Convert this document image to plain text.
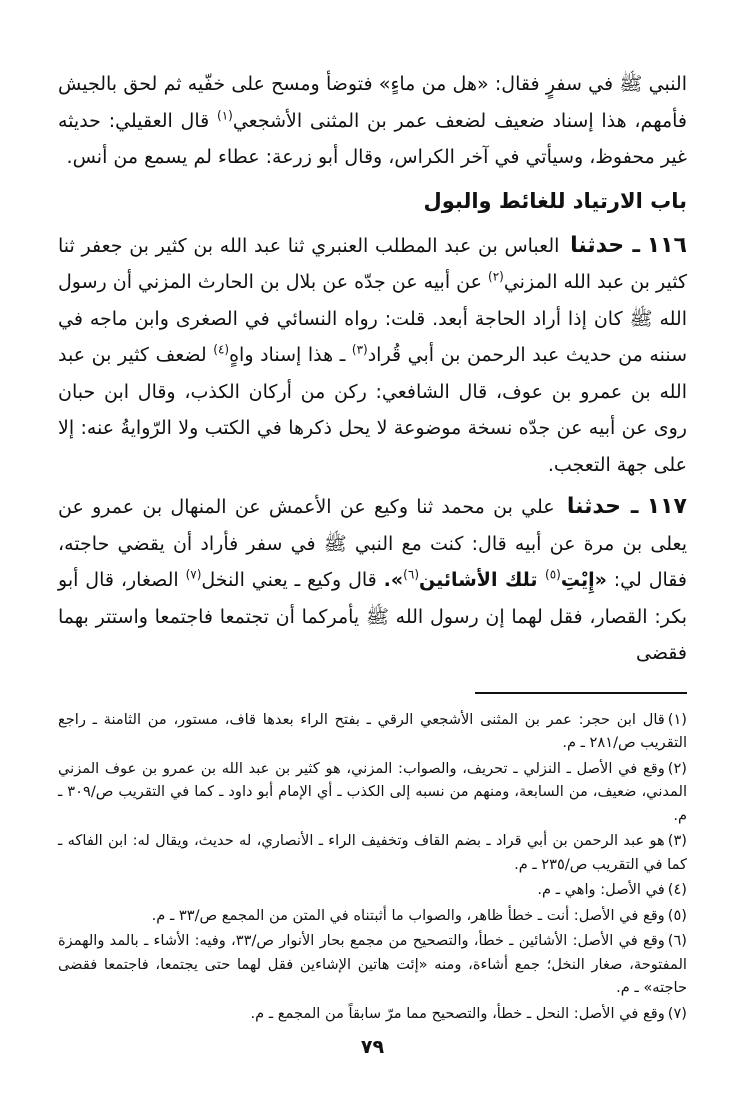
النبي ﷺ في سفرٍ فقال: «هل من ماءٍ» فتوضأ ومسح على خفّيه ثم لحق بالجيش فأمهم، هذا إسناد ضعيف لضعف عمر بن المثنى الأشجعي$^{(١)}$ قال العقيلي: حديثه غير محفوظ، وسيأتي في آخر الكراس، وقال أبو زرعة: عطاء لم يسمع من أنس.

باب الارتياد للغائط والبول

١١٦ ـ حدثنا العباس بن عبد المطلب العنبري ثنا عبد الله بن كثير بن جعفر ثنا كثير بن عبد الله المزني$^{(٢)}$ عن أبيه عن جدّه عن بلال بن الحارث المزني أن رسول الله ﷺ كان إذا أراد الحاجة أبعد. قلت: رواه النسائي في الصغرى وابن ماجه في سننه من حديث عبد الرحمن بن أبي قُراد$^{(٣)}$ ـ هذا إسناد واهٍ$^{(٤)}$ لضعف كثير بن عبد الله بن عمرو بن عوف، قال الشافعي: ركن من أركان الكذب، وقال ابن حبان روى عن أبيه عن جدّه نسخة موضوعة لا يحل ذكرها في الكتب ولا الرّوايةُ عنه: إلا على جهة التعجب.

١١٧ ـ حدثنا علي بن محمد ثنا وكيع عن الأعمش عن المنهال بن عمرو عن يعلى بن مرة عن أبيه قال: كنت مع النبي ﷺ في سفر فأراد أن يقضي حاجته، فقال لي: «إِيْتِ$^{(٥)}$ تلك الأشائين$^{(٦)}$». قال وكيع ـ يعني النخل$^{(٧)}$ الصغار، قال أبو بكر: القصار، فقل لهما إن رسول الله ﷺ يأمركما أن تجتمعا فاجتمعا واستتر بهما فقضى

(١)قال ابن حجر: عمر بن المثنى الأشجعي الرقي ـ بفتح الراء بعدها قاف، مستور، من الثامنة ـ راجع التقريب ص/٢٨١ ـ م.

(٢)وقع في الأصل ـ النزلي ـ تحريف، والصواب: المزني، هو كثير بن عبد الله بن عمرو بن عوف المزني المدني، ضعيف، من السابعة، ومنهم من نسبه إلى الكذب ـ أي الإمام أبو داود ـ كما في التقريب ص/٣٠٩ ـ م.

(٣)هو عبد الرحمن بن أبي قراد ـ بضم القاف وتخفيف الراء ـ الأنصاري، له حديث، ويقال له: ابن الفاكه ـ كما في التقريب ص/٢٣٥ ـ م.

(٤)في الأصل: واهي ـ م.

(٥)وقع في الأصل: أنت ـ خطأ ظاهر، والصواب ما أثبتناه في المتن من المجمع ص/٣٣ ـ م.

(٦)وقع في الأصل: الأشائين ـ خطأ، والتصحيح من مجمع بحار الأنوار ص/٣٣، وفيه: الأشاء ـ بالمد والهمزة المفتوحة، صغار النخل؛ جمع أشاءة، ومنه «إئت هاتين الإشاءين فقل لهما حتى يجتمعا، فاجتمعا فقضى حاجته» ـ م.

(٧)وقع في الأصل: النحل ـ خطأ، والتصحيح مما مرّ سابقاً من المجمع ـ م.

٧٩
